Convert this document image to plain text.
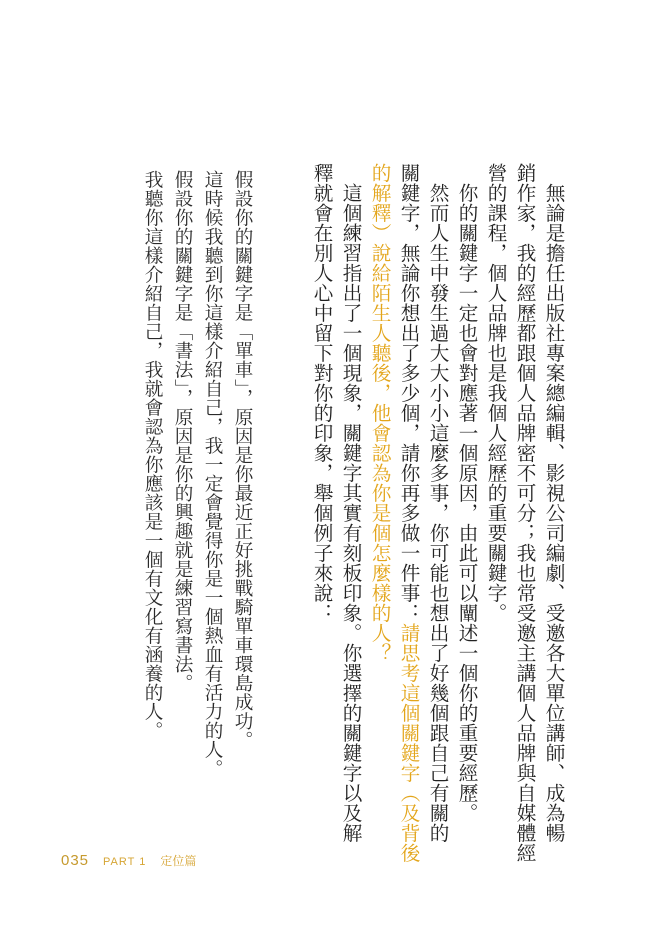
　無論是擔任出版社專案總編輯、影視公司編劇、受邀各大單位講師、成為暢

銷作家，我的經歷都跟個人品牌密不可分；我也常受邀主講個人品牌與自媒體經

營的課程，個人品牌也是我個人經歷的重要關鍵字。

　你的關鍵字一定也會對應著一個原因，由此可以闡述一個你的重要經歷。

　然而人生中發生過大大小小這麼多事，你可能也想出了好幾個跟自己有關的

關鍵字，無論你想出了多少個，請你再多做一件事：請思考這個關鍵字（及背後

的解釋）說給陌生人聽後，他會認為你是個怎麼樣的人？

　這個練習指出了一個現象，關鍵字其實有刻板印象。你選擇的關鍵字以及解

釋就會在別人心中留下對你的印象，舉個例子來說：

假設你的關鍵字是「單車」，原因是你最近正好挑戰騎單車環島成功。

這時候我聽到你這樣介紹自己，我一定會覺得你是一個熱血有活力的人。

假設你的關鍵字是「書法」，原因是你的興趣就是練習寫書法。

我聽你這樣介紹自己，我就會認為你應該是一個有文化有涵養的人。

035 PART 1 定位篇
